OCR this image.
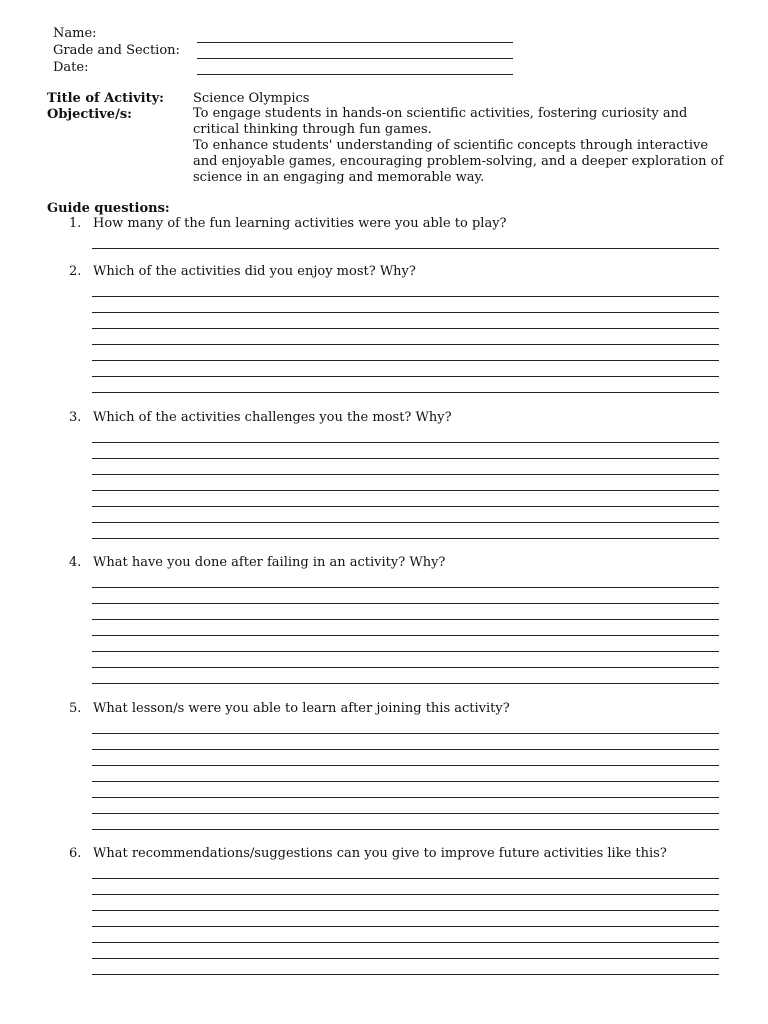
Name:
Grade and Section:
Date:
Title of Activity: Science Olympics
Objective/s:	To engage students in hands-on scientific activities, fostering curiosity and critical thinking through fun games.

To enhance students' understanding of scientific concepts through interactive and enjoyable games, encouraging problem-solving, and a deeper exploration of science in an engaging and memorable way.

Guide questions:
1. How many of the fun learning activities were you able to play?
2. Which of the activities did you enjoy most? Why?
3. Which of the activities challenges you the most? Why?
4. What have you done after failing in an activity? Why?
5. What lesson/s were you able to learn after joining this activity?
6. What recommendations/suggestions can you give to improve future activities like this?
